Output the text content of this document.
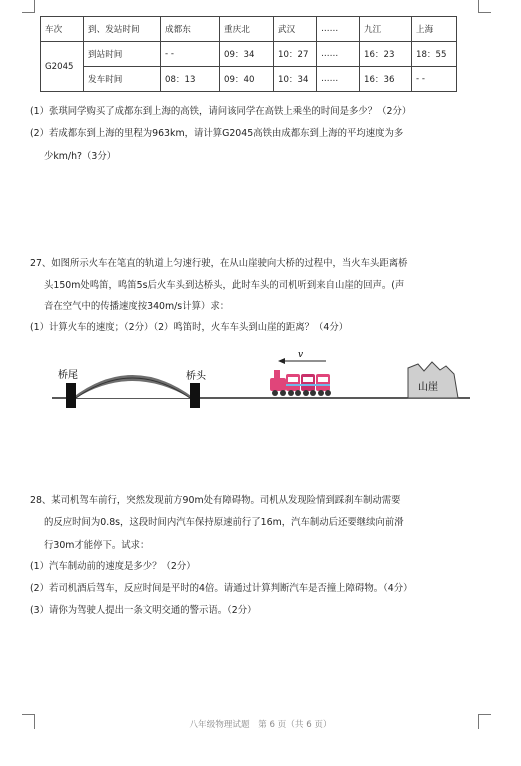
车次	到、发站时间	成都东	重庆北	武汉	……	九江	上海
G2045	到站时间	- -	09：34	10：27	……	16：23	18：55
	发车时间	08：13	09：40	10：34	……	16：36	- -
(1）张琪同学购买了成都东到上海的高铁，请问该同学在高铁上乘坐的时间是多少？（2分）
(2）若成都东到上海的里程为963km，请计算G2045高铁由成都东到上海的平均速度为多
少km/h?（3分）
27、如图所示火车在笔直的轨道上匀速行驶，在从山崖驶向大桥的过程中，当火车头距离桥
头150m处鸣笛，鸣笛5s后火车头到达桥头，此时车头的司机听到来自山崖的回声。(声
音在空气中的传播速度按340m/s计算）求：
(1）计算火车的速度；（2分）（2）鸣笛时，火车车头到山崖的距离？（4分）
桥尾	桥头
v
山崖
28、某司机驾车前行，突然发现前方90m处有障碍物。司机从发现险情到踩刹车制动需要
的反应时间为0.8s，这段时间内汽车保持原速前行了16m，汽车制动后还要继续向前滑
行30m才能停下。试求：
(1）汽车制动前的速度是多少？（2分）
(2）若司机酒后驾车，反应时间是平时的4倍。请通过计算判断汽车是否撞上障碍物。（4分）
(3）请你为驾驶人提出一条文明交通的警示语。（2分）
八年级物理试题　第 6 页（共 6 页）
